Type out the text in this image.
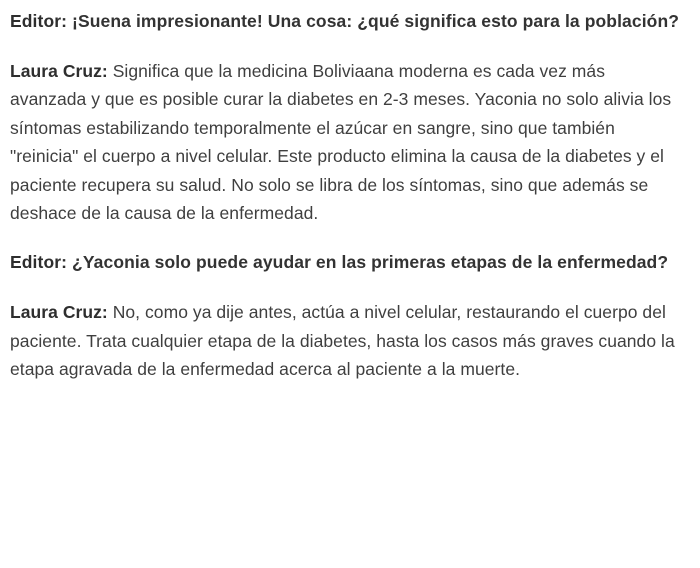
Editor: ¡Suena impresionante! Una cosa: ¿qué significa esto para la población?

Laura Cruz: Significa que la medicina Boliviaana moderna es cada vez más avanzada y que es posible curar la diabetes en 2-3 meses. Yaconia no solo alivia los síntomas estabilizando temporalmente el azúcar en sangre, sino que también "reinicia" el cuerpo a nivel celular. Este producto elimina la causa de la diabetes y el paciente recupera su salud. No solo se libra de los síntomas, sino que además se deshace de la causa de la enfermedad.

Editor: ¿Yaconia solo puede ayudar en las primeras etapas de la enfermedad?

Laura Cruz: No, como ya dije antes, actúa a nivel celular, restaurando el cuerpo del paciente. Trata cualquier etapa de la diabetes, hasta los casos más graves cuando la etapa agravada de la enfermedad acerca al paciente a la muerte.
